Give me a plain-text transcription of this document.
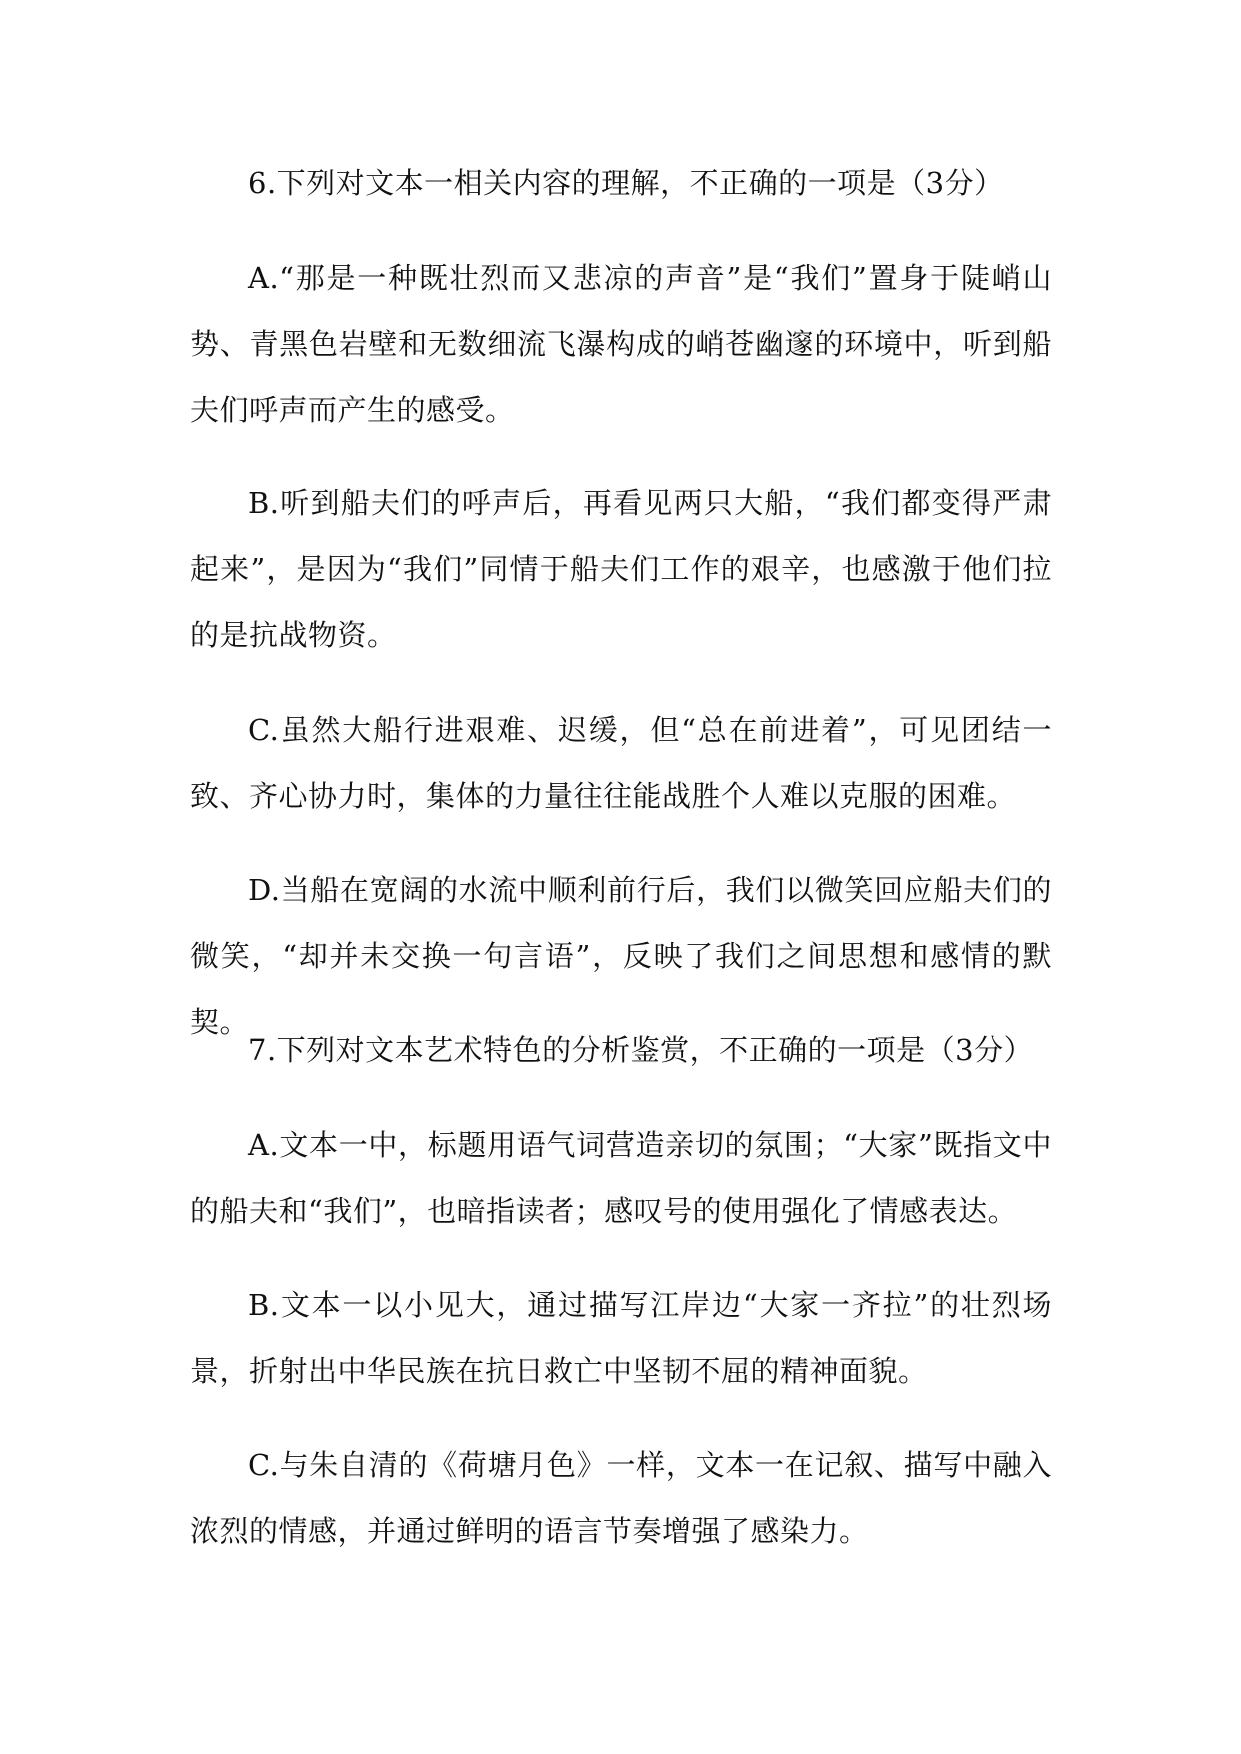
6.下列对文本一相关内容的理解，不正确的一项是（3分）

A.“那是一种既壮烈而又悲凉的声音”是“我们”置身于陡峭山势、青黑色岩壁和无数细流飞瀑构成的峭苍幽邃的环境中，听到船夫们呼声而产生的感受。

B.听到船夫们的呼声后，再看见两只大船，“我们都变得严肃起来”，是因为“我们”同情于船夫们工作的艰辛，也感激于他们拉的是抗战物资。

C.虽然大船行进艰难、迟缓，但“总在前进着”，可见团结一致、齐心协力时，集体的力量往往能战胜个人难以克服的困难。

D.当船在宽阔的水流中顺利前行后，我们以微笑回应船夫们的微笑，“却并未交换一句言语”，反映了我们之间思想和感情的默契。

7.下列对文本艺术特色的分析鉴赏，不正确的一项是（3分）

A.文本一中，标题用语气词营造亲切的氛围；“大家”既指文中的船夫和“我们”，也暗指读者；感叹号的使用强化了情感表达。

B.文本一以小见大，通过描写江岸边“大家一齐拉”的壮烈场景，折射出中华民族在抗日救亡中坚韧不屈的精神面貌。

C.与朱自清的《荷塘月色》一样，文本一在记叙、描写中融入浓烈的情感，并通过鲜明的语言节奏增强了感染力。
